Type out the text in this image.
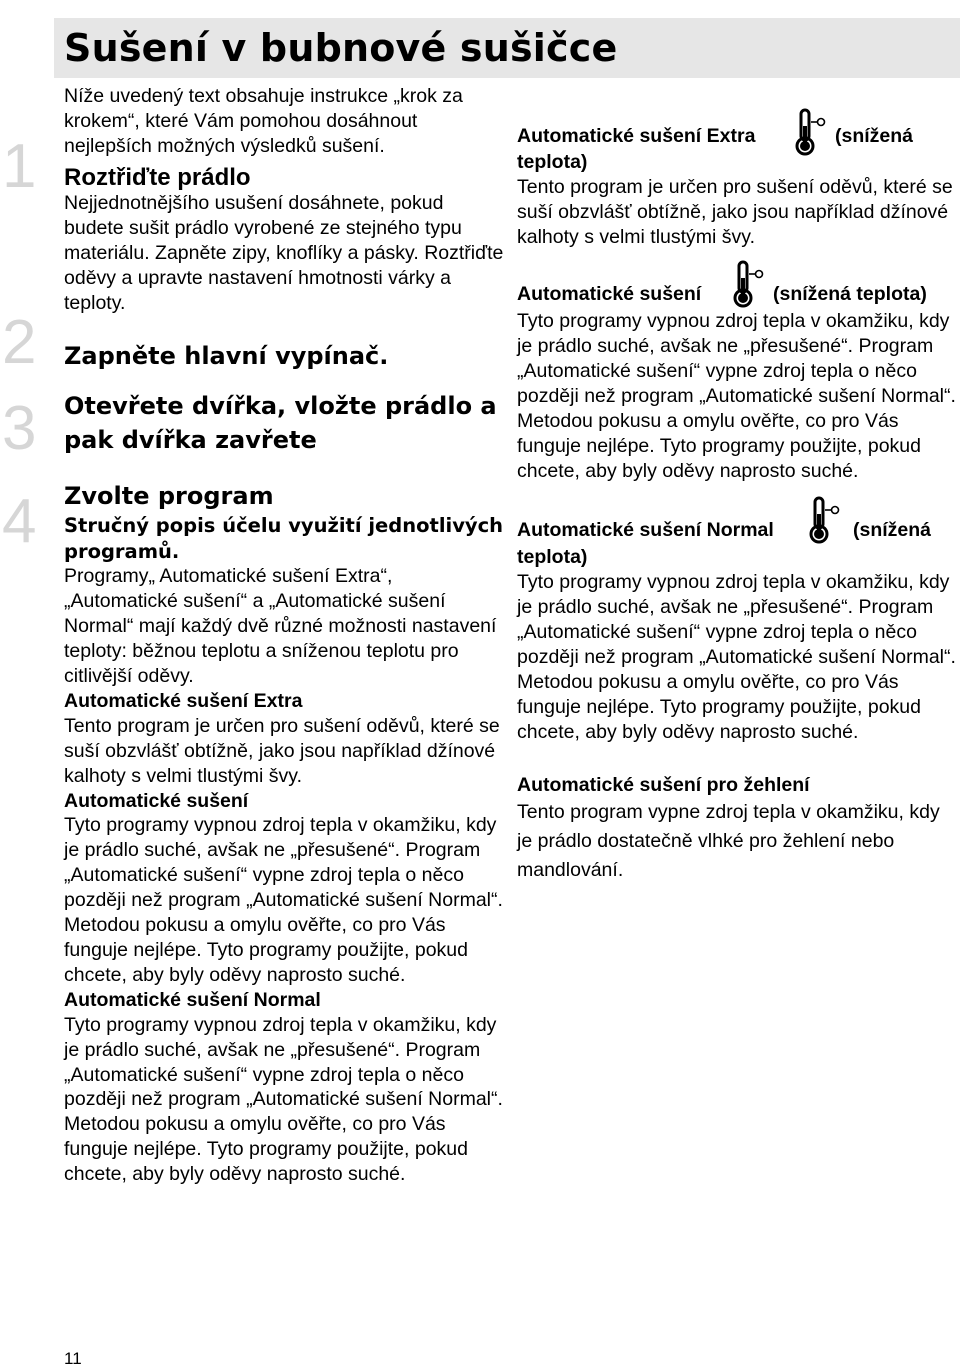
Sušení v bubnové sušičce
1
2
3
4

Níže uvedený text obsahuje instrukce „krok za krokem“, které Vám pomohou dosáhnout nejlepších možných výsledků sušení.

Roztřiďte prádlo

Nejjednotnějšího usušení dosáhnete, pokud budete sušit prádlo vyrobené ze stejného typu materiálu. Zapněte zipy, knoflíky a pásky. Roztřiďte oděvy a upravte nastavení hmotnosti várky a teploty.

Zapněte hlavní vypínač.

Otevřete dvířka, vložte prádlo a pak dvířka zavřete

Zvolte program

Stručný popis účelu využití jednotlivých programů.

Programy„ Automatické sušení Extra“, „Automatické sušení“ a „Automatické sušení Normal“ mají každý dvě různé možnosti nastavení teploty: běžnou teplotu a sníženou teplotu pro citlivější oděvy.

Automatické sušení Extra

Tento program je určen pro sušení oděvů, které se suší obzvlášť obtížně, jako jsou například džínové kalhoty s velmi tlustými švy.

Automatické sušení

Tyto programy vypnou zdroj tepla v okamžiku, kdy je prádlo suché, avšak ne „přesušené“. Program „Automatické sušení“ vypne zdroj tepla o něco později než program „Automatické sušení Normal“. Metodou pokusu a omylu ověřte, co pro Vás funguje nejlépe. Tyto programy použijte, pokud chcete, aby byly oděvy naprosto suché.

Automatické sušení Normal

Tyto programy vypnou zdroj tepla v okamžiku, kdy je prádlo suché, avšak ne „přesušené“. Program „Automatické sušení“ vypne zdroj tepla o něco později než program „Automatické sušení Normal“. Metodou pokusu a omylu ověřte, co pro Vás funguje nejlépe. Tyto programy použijte, pokud chcete, aby byly oděvy naprosto suché.

Automatické sušení Extra	(snížená

teplota)

Tento program je určen pro sušení oděvů, které se suší obzvlášť obtížně, jako jsou například džínové kalhoty s velmi tlustými švy.

Automatické sušení	(snížená teplota)

Tyto programy vypnou zdroj tepla v okamžiku, kdy je prádlo suché, avšak ne „přesušené“. Program „Automatické sušení“ vypne zdroj tepla o něco později než program „Automatické sušení Normal“. Metodou pokusu a omylu ověřte, co pro Vás funguje nejlépe. Tyto programy použijte, pokud chcete, aby byly oděvy naprosto suché.

Automatické sušení Normal	(snížená

teplota)

Tyto programy vypnou zdroj tepla v okamžiku, kdy je prádlo suché, avšak ne „přesušené“. Program „Automatické sušení“ vypne zdroj tepla o něco později než program „Automatické sušení Normal“. Metodou pokusu a omylu ověřte, co pro Vás funguje nejlépe. Tyto programy použijte, pokud chcete, aby byly oděvy naprosto suché.

Automatické sušení pro žehlení

Tento program vypne zdroj tepla v okamžiku, kdy je prádlo dostatečně vlhké pro žehlení nebo mandlování.

11
